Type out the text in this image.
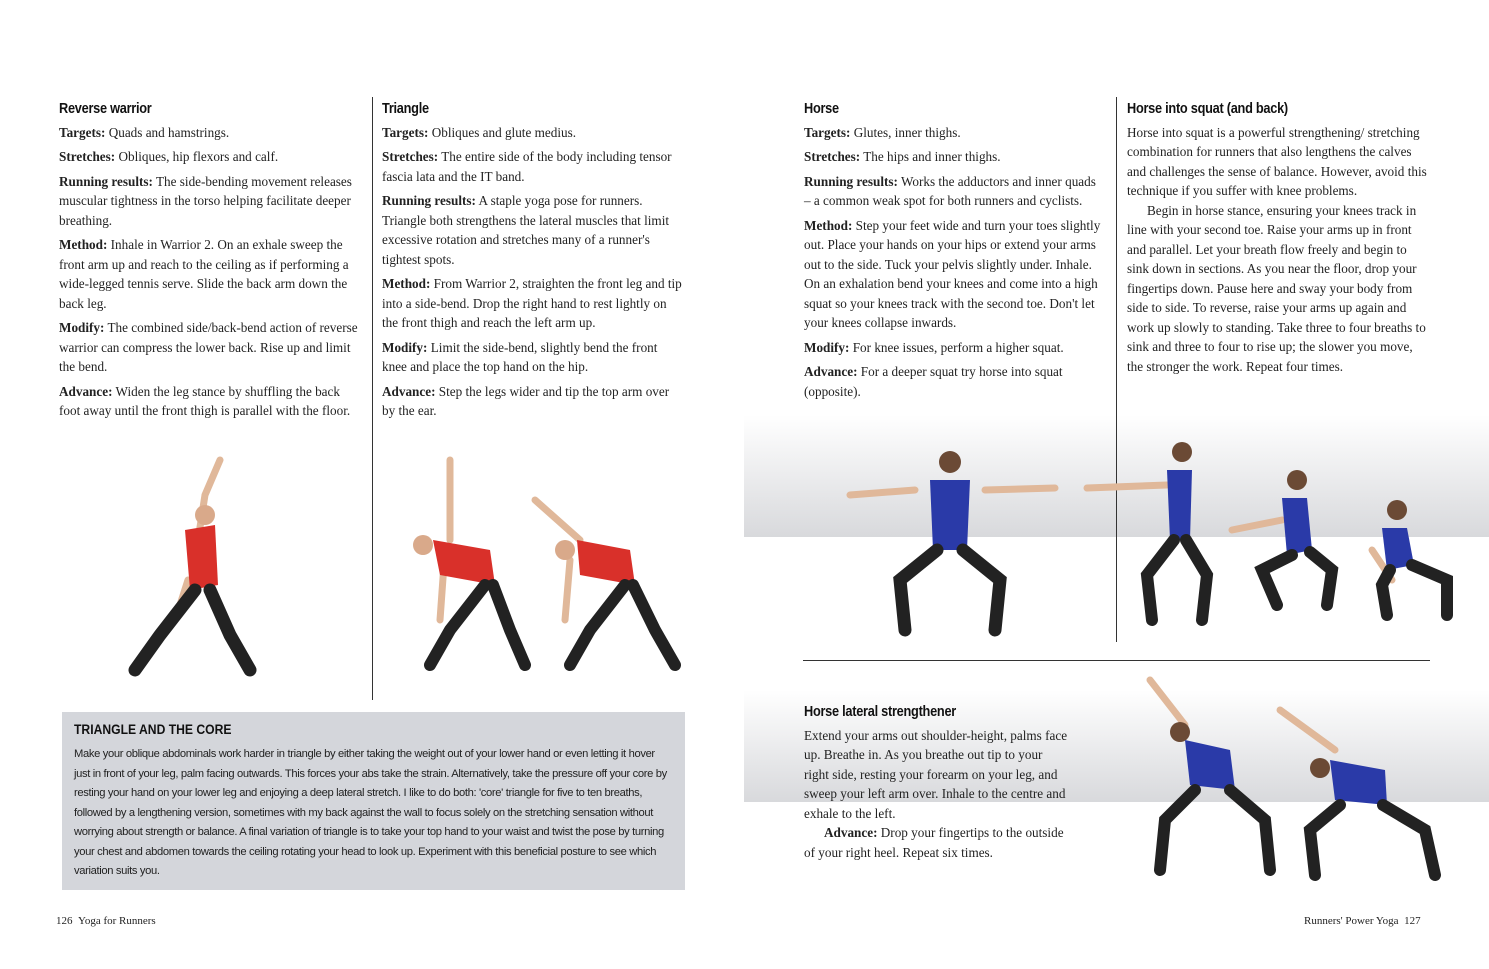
Reverse warrior

Targets: Quads and hamstrings.

Stretches: Obliques, hip flexors and calf.

Running results: The side-bending movement releases muscular tightness in the torso helping facilitate deeper breathing.

Method: Inhale in Warrior 2. On an exhale sweep the front arm up and reach to the ceiling as if performing a wide-legged tennis serve. Slide the back arm down the back leg.

Modify: The combined side/back-bend action of reverse warrior can compress the lower back. Rise up and limit the bend.

Advance: Widen the leg stance by shuffling the back foot away until the front thigh is parallel with the floor.

Triangle

Targets: Obliques and glute medius.

Stretches: The entire side of the body including tensor fascia lata and the IT band.

Running results: A staple yoga pose for runners. Triangle both strengthens the lateral muscles that limit excessive rotation and stretches many of a runner's tightest spots.

Method: From Warrior 2, straighten the front leg and tip into a side-bend. Drop the right hand to rest lightly on the front thigh and reach the left arm up.

Modify: Limit the side-bend, slightly bend the front knee and place the top hand on the hip.

Advance: Step the legs wider and tip the top arm over by the ear.

TRIANGLE AND THE CORE

Make your oblique abdominals work harder in triangle by either taking the weight out of your lower hand or even letting it hover just in front of your leg, palm facing outwards. This forces your abs take the strain. Alternatively, take the pressure off your core by resting your hand on your lower leg and enjoying a deep lateral stretch. I like to do both: 'core' triangle for five to ten breaths, followed by a lengthening version, sometimes with my back against the wall to focus solely on the stretching sensation without worrying about strength or balance. A final variation of triangle is to take your top hand to your waist and twist the pose by turning your chest and abdomen towards the ceiling rotating your head to look up. Experiment with this beneficial posture to see which variation suits you.

126 Yoga for Runners
Horse

Targets: Glutes, inner thighs.

Stretches: The hips and inner thighs.

Running results: Works the adductors and inner quads – a common weak spot for both runners and cyclists.

Method: Step your feet wide and turn your toes slightly out. Place your hands on your hips or extend your arms out to the side. Tuck your pelvis slightly under. Inhale. On an exhalation bend your knees and come into a high squat so your knees track with the second toe. Don't let your knees collapse inwards.

Modify: For knee issues, perform a higher squat.

Advance: For a deeper squat try horse into squat (opposite).

Horse into squat (and back)

Horse into squat is a powerful strengthening/ stretching combination for runners that also lengthens the calves and challenges the sense of balance. However, avoid this technique if you suffer with knee problems.

Begin in horse stance, ensuring your knees track in line with your second toe. Raise your arms up in front and parallel. Let your breath flow freely and begin to sink down in sections. As you near the floor, drop your fingertips down. Pause here and sway your body from side to side. To reverse, raise your arms up again and work up slowly to standing. Take three to four breaths to sink and three to four to rise up; the slower you move, the stronger the work. Repeat four times.

Horse lateral strengthener

Extend your arms out shoulder-height, palms face up. Breathe in. As you breathe out tip to your right side, resting your forearm on your leg, and sweep your left arm over. Inhale to the centre and exhale to the left.

Advance: Drop your fingertips to the outside of your right heel. Repeat six times.

Runners' Power Yoga 127
